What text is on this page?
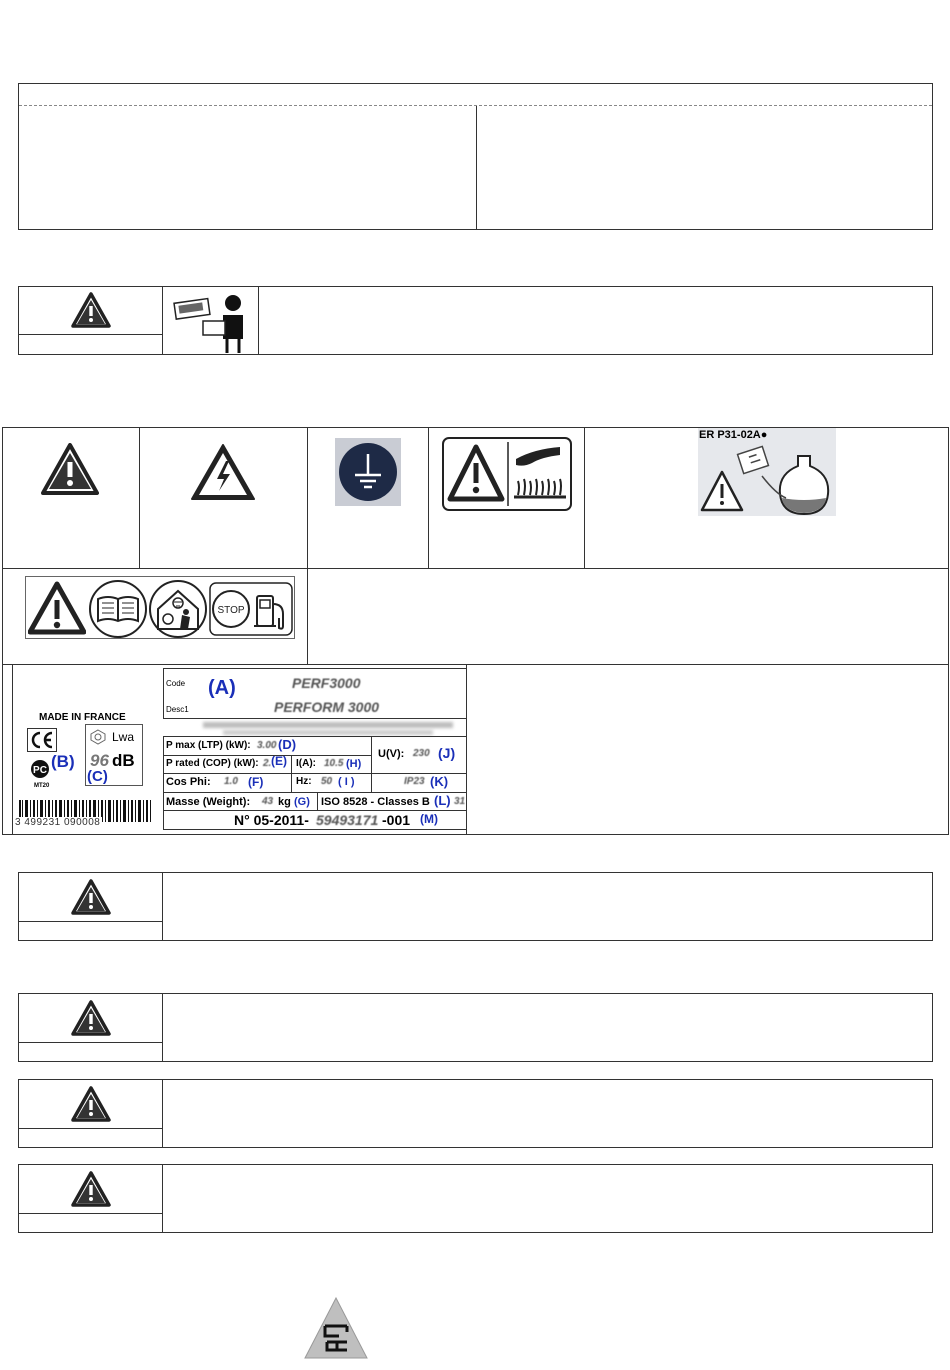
ER P31-02A●
STOP
MADE IN FRANCE
PC (B)
MT20
Lwa
96 dB
(C)
3 499231 090008
Code (A)	PERF3000
Desc1	PERFORM 3000
P max (LTP) (kW): 3.00 (D)
P rated (COP) (kW): 2. (E) I(A): 10.5 (H)
U(V): 230 (J)
Cos Phi: 1.0 (F)	Hz: 50 ( I )	IP23 (K)
Masse (Weight): 43 kg (G) ISO 8528 - Classes B (L) 31
N° 05-2011- 59493171 -001 (M)
